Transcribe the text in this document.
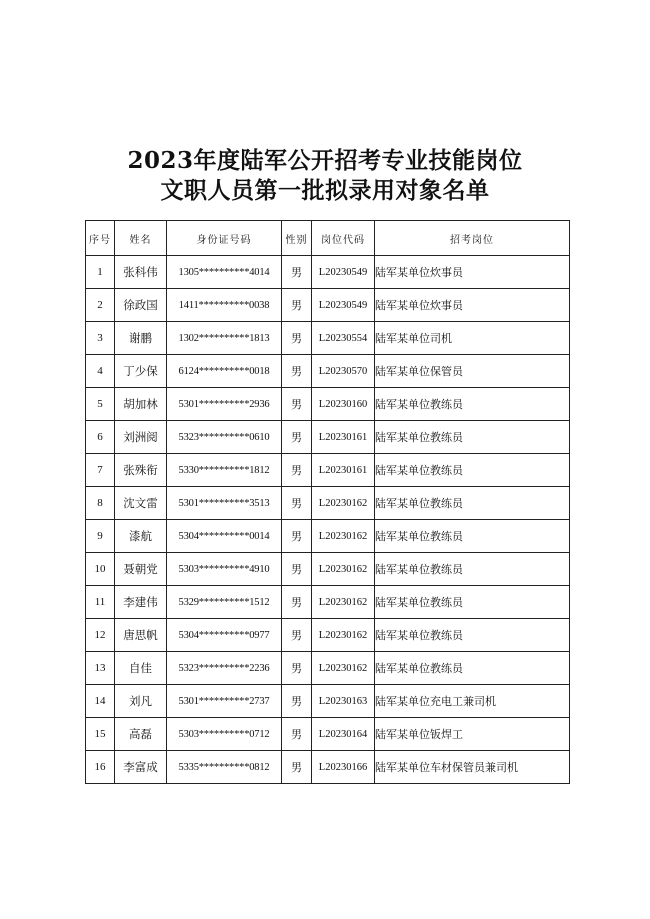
2023年度陆军公开招考专业技能岗位
文职人员第一批拟录用对象名单
序号	姓名	身份证号码	性别	岗位代码	招考岗位
1	张科伟	1305**********4014	男	L20230549	陆军某单位炊事员
2	徐政国	1411**********0038	男	L20230549	陆军某单位炊事员
3	谢鹏	1302**********1813	男	L20230554	陆军某单位司机
4	丁少保	6124**********0018	男	L20230570	陆军某单位保管员
5	胡加林	5301**********2936	男	L20230160	陆军某单位教练员
6	刘洲阅	5323**********0610	男	L20230161	陆军某单位教练员
7	张殊衔	5330**********1812	男	L20230161	陆军某单位教练员
8	沈文雷	5301**********3513	男	L20230162	陆军某单位教练员
9	漆航	5304**********0014	男	L20230162	陆军某单位教练员
10	聂朝党	5303**********4910	男	L20230162	陆军某单位教练员
11	李建伟	5329**********1512	男	L20230162	陆军某单位教练员
12	唐思帆	5304**********0977	男	L20230162	陆军某单位教练员
13	自佳	5323**********2236	男	L20230162	陆军某单位教练员
14	刘凡	5301**********2737	男	L20230163	陆军某单位充电工兼司机
15	高磊	5303**********0712	男	L20230164	陆军某单位钣焊工
16	李富成	5335**********0812	男	L20230166	陆军某单位车材保管员兼司机
